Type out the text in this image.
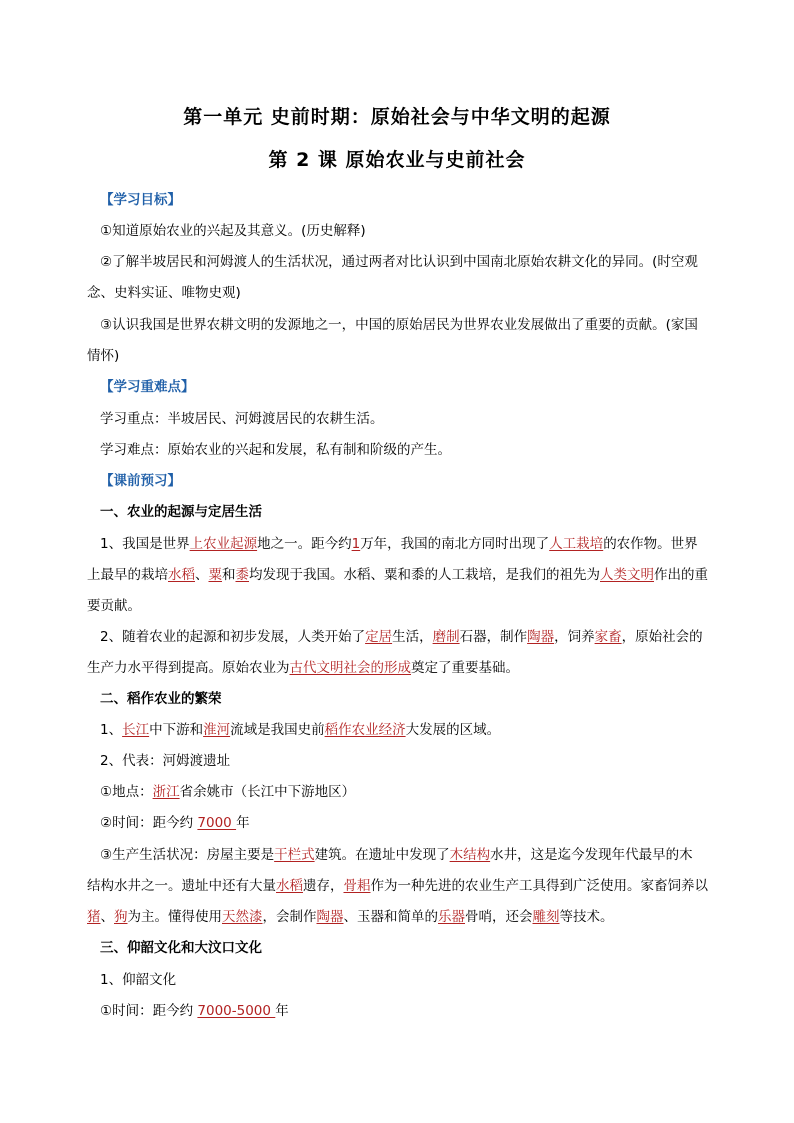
第一单元 史前时期：原始社会与中华文明的起源
第 2 课 原始农业与史前社会
【学习目标】
①知道原始农业的兴起及其意义。(历史解释)
②了解半坡居民和河姆渡人的生活状况，通过两者对比认识到中国南北原始农耕文化的异同。(时空观
念、史料实证、唯物史观)
③认识我国是世界农耕文明的发源地之一，中国的原始居民为世界农业发展做出了重要的贡献。(家国
情怀)
【学习重难点】
学习重点：半坡居民、河姆渡居民的农耕生活。
学习难点：原始农业的兴起和发展，私有制和阶级的产生。
【课前预习】
一、农业的起源与定居生活
1、我国是世界上农业起源地之一。距今约1万年，我国的南北方同时出现了人工栽培的农作物。世界
上最早的栽培水稻、粟和黍均发现于我国。水稻、粟和黍的人工栽培，是我们的祖先为人类文明作出的重
要贡献。
2、随着农业的起源和初步发展，人类开始了定居生活，磨制石器，制作陶器，饲养家畜，原始社会的
生产力水平得到提高。原始农业为古代文明社会的形成奠定了重要基础。
二、稻作农业的繁荣
1、长江中下游和淮河流域是我国史前稻作农业经济大发展的区域。
2、代表：河姆渡遗址
①地点：浙江省余姚市（长江中下游地区）
②时间：距今约 7000 年
③生产生活状况：房屋主要是干栏式建筑。在遗址中发现了木结构水井，这是迄今发现年代最早的木
结构水井之一。遗址中还有大量水稻遗存，骨耜作为一种先进的农业生产工具得到广泛使用。家畜饲养以
猪、狗为主。懂得使用天然漆，会制作陶器、玉器和简单的乐器骨哨，还会雕刻等技术。
三、仰韶文化和大汶口文化
1、仰韶文化
①时间：距今约 7000-5000 年
